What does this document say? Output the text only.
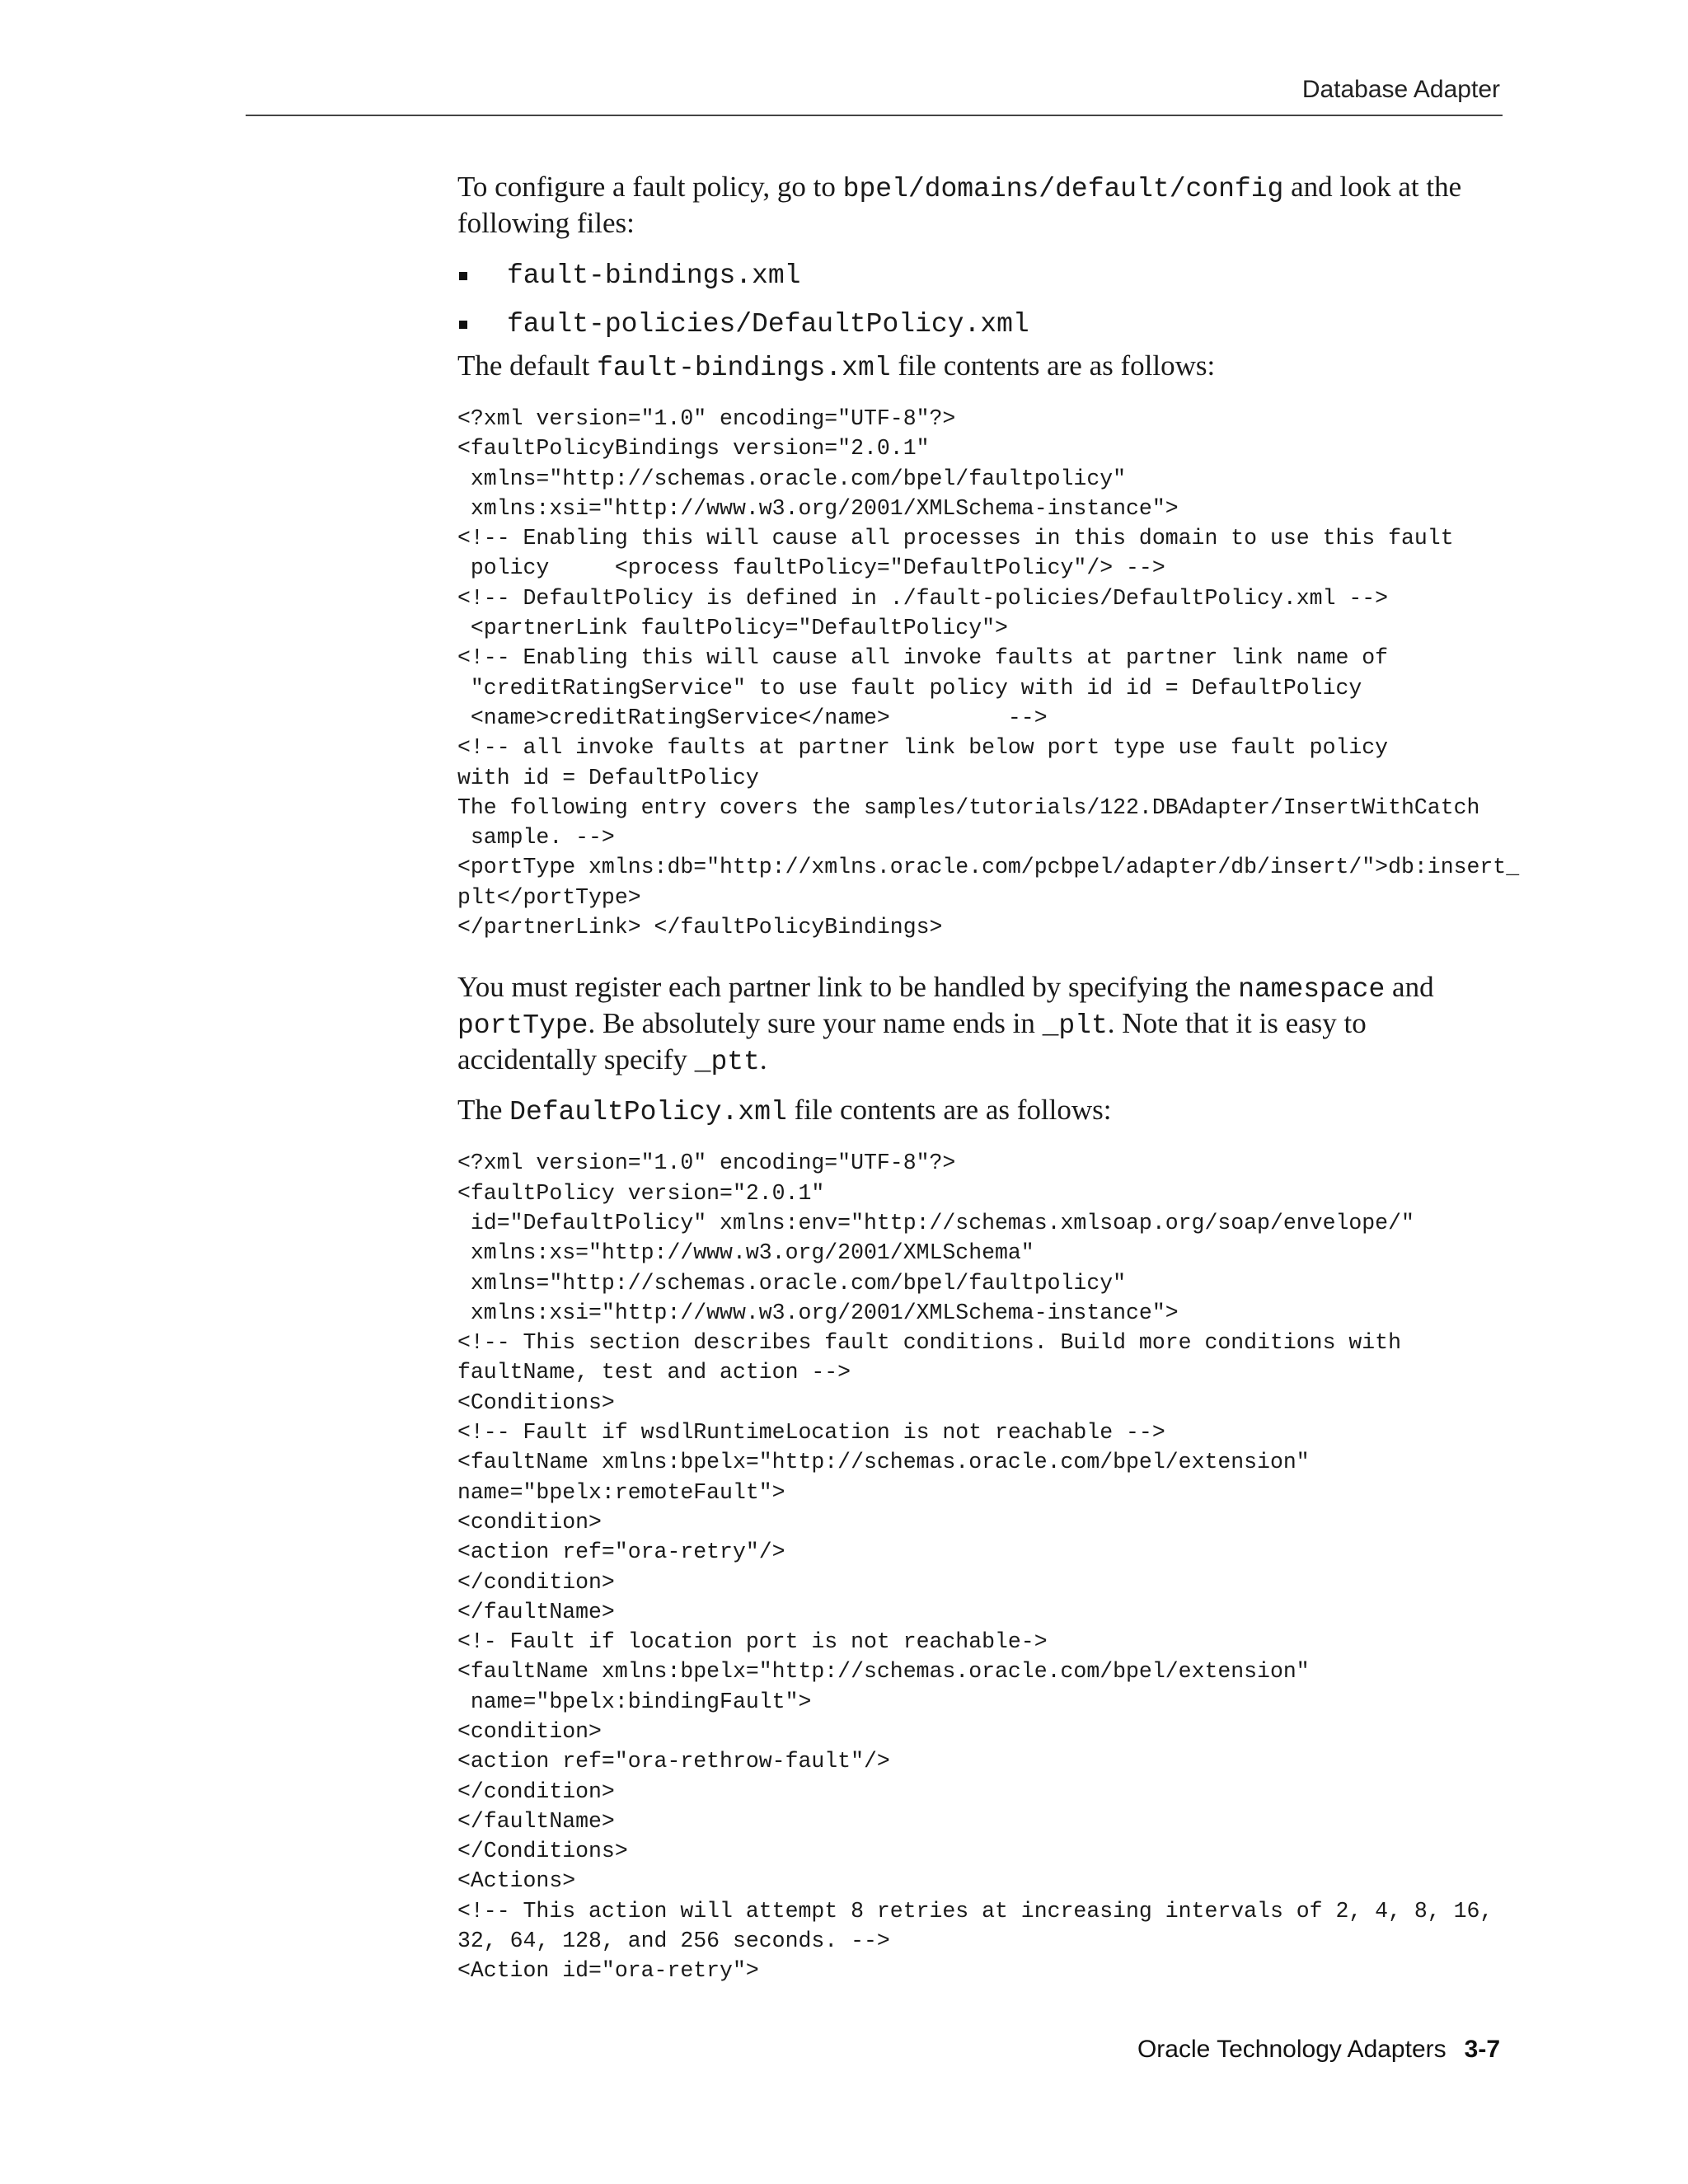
Database Adapter

To configure a fault policy, go to bpel/domains/default/config and look at the following files:

fault-bindings.xml
fault-policies/DefaultPolicy.xml

The default fault-bindings.xml file contents are as follows:

<?xml version="1.0" encoding="UTF-8"?>
<faultPolicyBindings version="2.0.1"
xmlns="http://schemas.oracle.com/bpel/faultpolicy"
xmlns:xsi="http://www.w3.org/2001/XMLSchema-instance">
<!-- Enabling this will cause all processes in this domain to use this fault
policy     <process faultPolicy="DefaultPolicy"/> -->
<!-- DefaultPolicy is defined in ./fault-policies/DefaultPolicy.xml -->
<partnerLink faultPolicy="DefaultPolicy">
<!-- Enabling this will cause all invoke faults at partner link name of
"creditRatingService" to use fault policy with id id = DefaultPolicy
<name>creditRatingService</name>         -->
<!-- all invoke faults at partner link below port type use fault policy
with id = DefaultPolicy
The following entry covers the samples/tutorials/122.DBAdapter/InsertWithCatch
sample. -->
<portType xmlns:db="http://xmlns.oracle.com/pcbpel/adapter/db/insert/">db:insert_
plt</portType>
</partnerLink> </faultPolicyBindings>

You must register each partner link to be handled by specifying the namespace and portType. Be absolutely sure your name ends in _plt. Note that it is easy to accidentally specify _ptt.

The DefaultPolicy.xml file contents are as follows:

<?xml version="1.0" encoding="UTF-8"?>
<faultPolicy version="2.0.1"
id="DefaultPolicy" xmlns:env="http://schemas.xmlsoap.org/soap/envelope/"
xmlns:xs="http://www.w3.org/2001/XMLSchema"
xmlns="http://schemas.oracle.com/bpel/faultpolicy"
xmlns:xsi="http://www.w3.org/2001/XMLSchema-instance">
<!-- This section describes fault conditions. Build more conditions with
faultName, test and action -->
<Conditions>
<!-- Fault if wsdlRuntimeLocation is not reachable -->
<faultName xmlns:bpelx="http://schemas.oracle.com/bpel/extension"
name="bpelx:remoteFault">
<condition>
<action ref="ora-retry"/>
</condition>
</faultName>
<!- Fault if location port is not reachable->
<faultName xmlns:bpelx="http://schemas.oracle.com/bpel/extension"
name="bpelx:bindingFault">
<condition>
<action ref="ora-rethrow-fault"/>
</condition>
</faultName>
</Conditions>
<Actions>
<!-- This action will attempt 8 retries at increasing intervals of 2, 4, 8, 16,
32, 64, 128, and 256 seconds. -->
<Action id="ora-retry">
Oracle Technology Adapters 3-7
